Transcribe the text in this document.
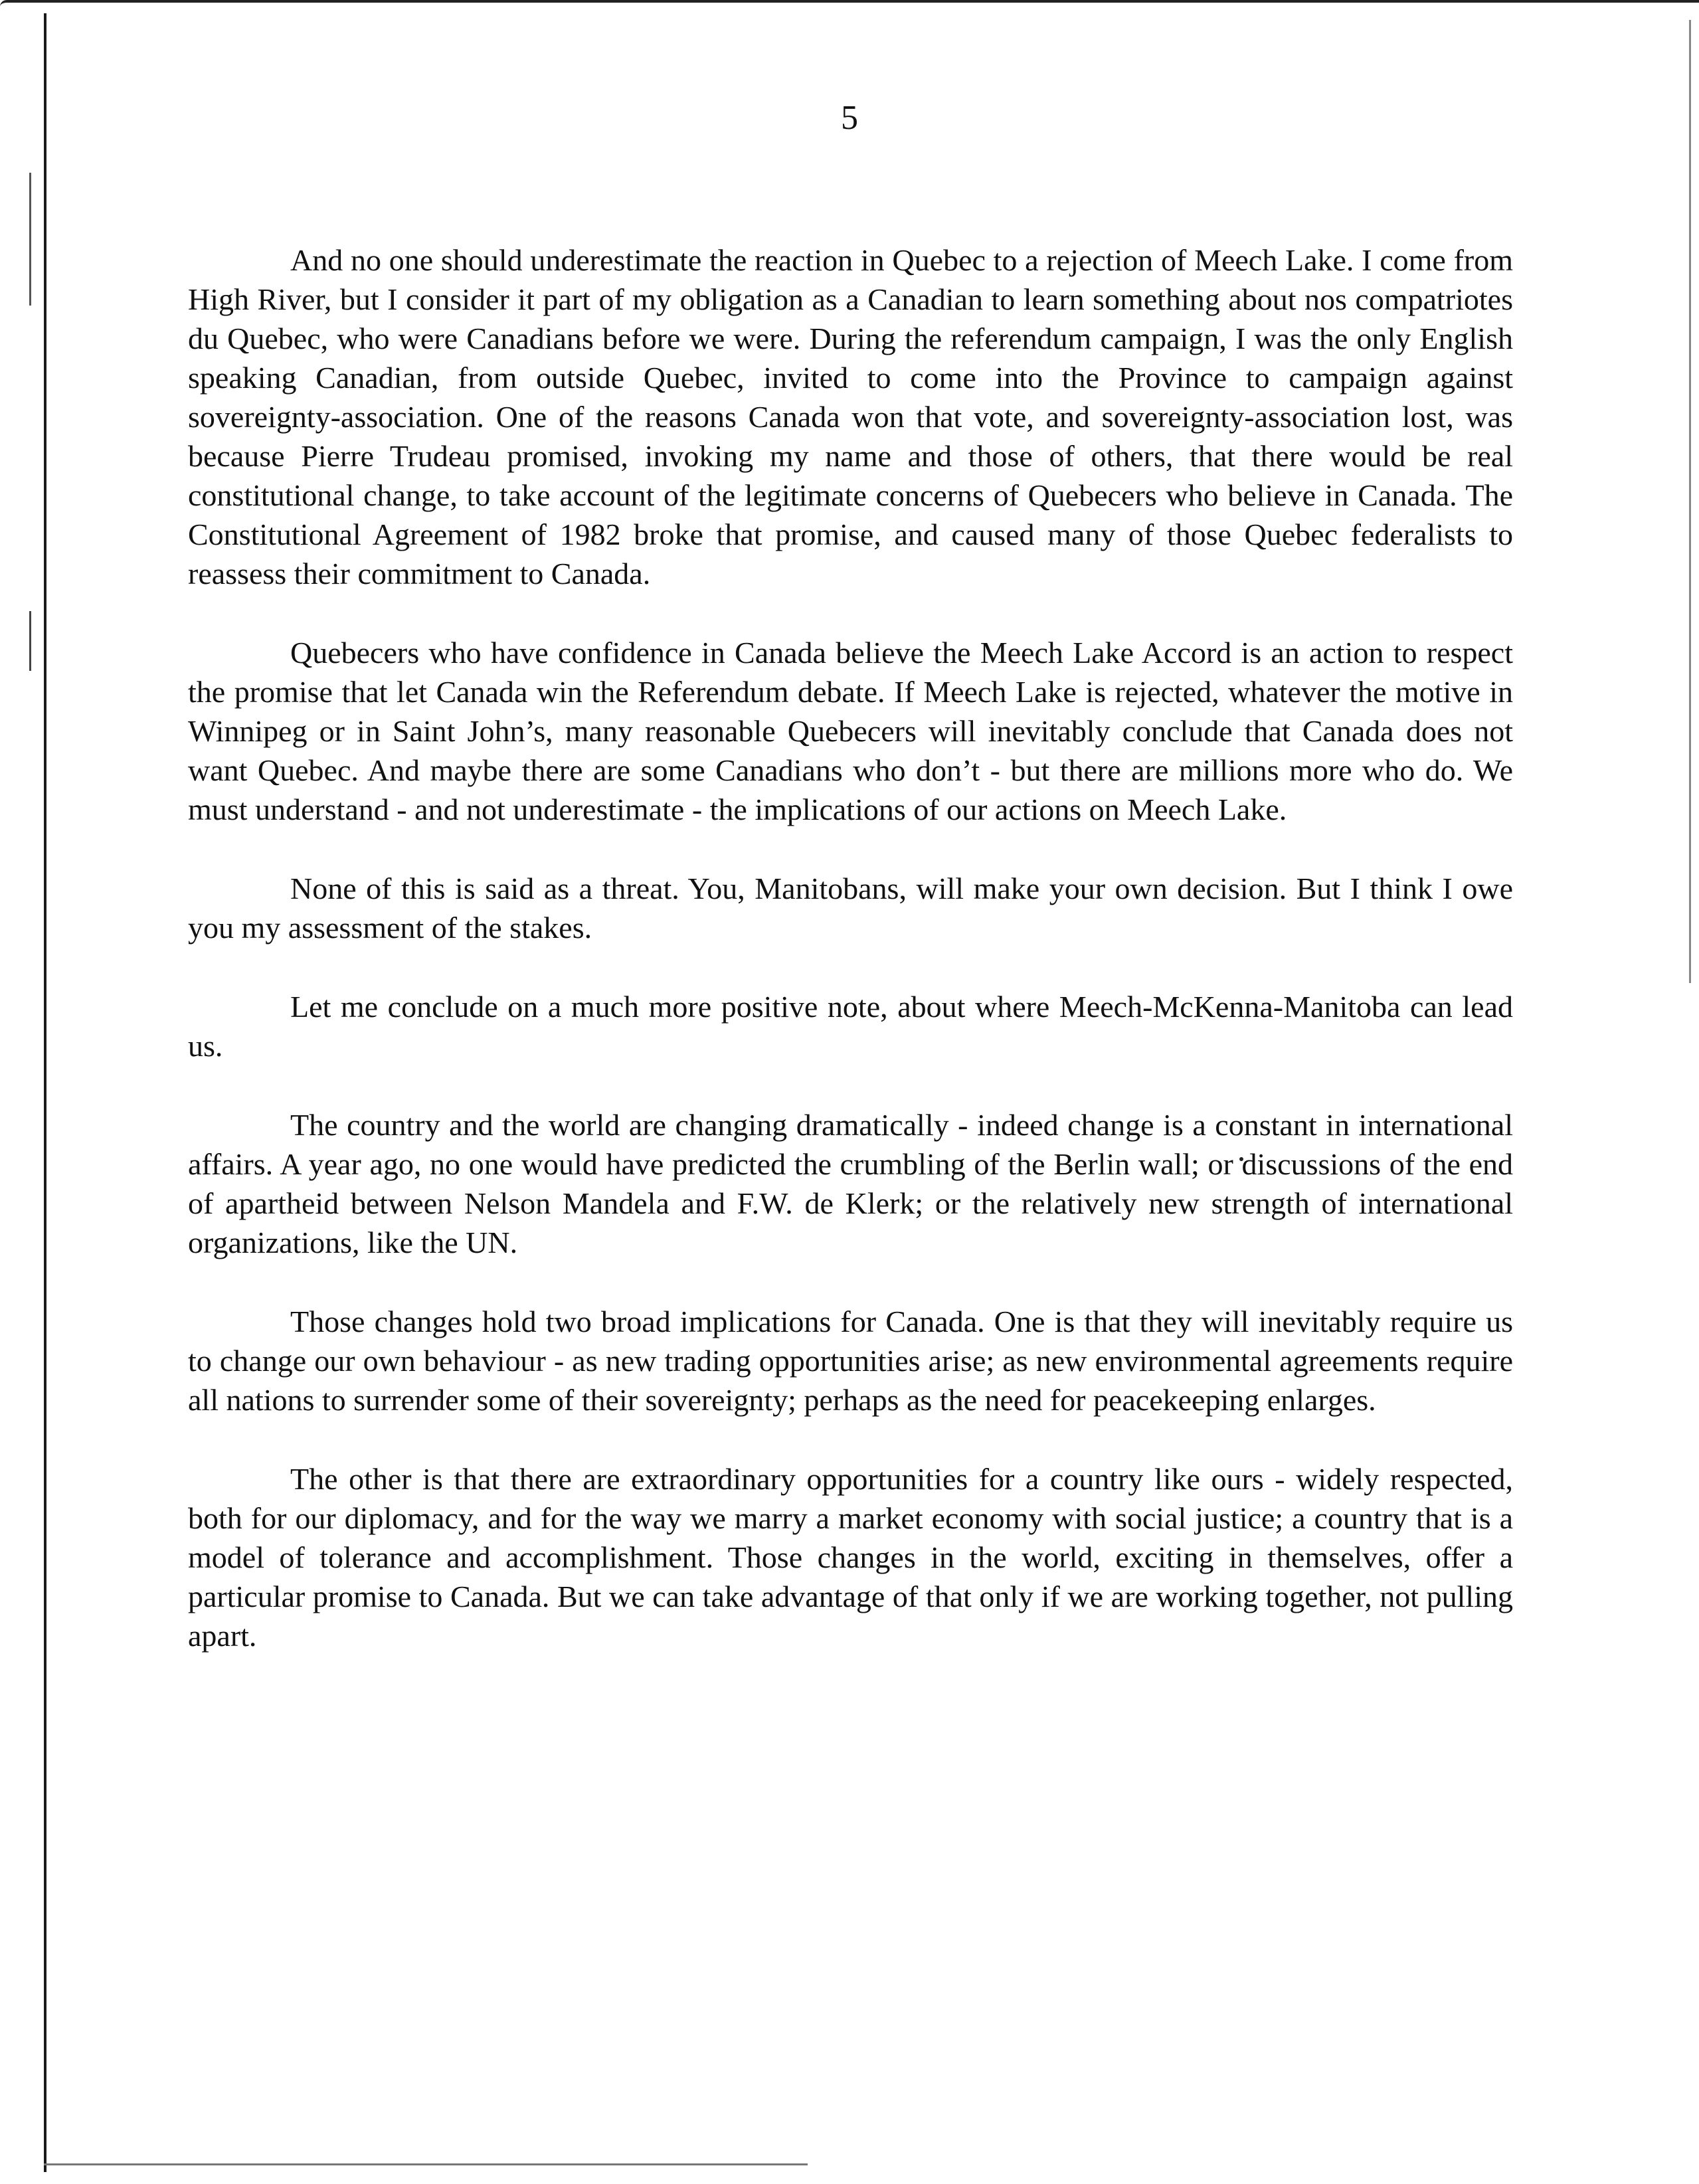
5

And no one should underestimate the reaction in Quebec to a rejection of Meech Lake. I come from High River, but I consider it part of my obligation as a Canadian to learn something about nos compatriotes du Quebec, who were Canadians before we were. During the referendum campaign, I was the only English speaking Canadian, from outside Quebec, invited to come into the Province to campaign against sovereignty-association. One of the reasons Canada won that vote, and sovereignty-association lost, was because Pierre Trudeau promised, invoking my name and those of others, that there would be real constitutional change, to take account of the legitimate concerns of Quebecers who believe in Canada. The Constitutional Agreement of 1982 broke that promise, and caused many of those Quebec federalists to reassess their commitment to Canada.

Quebecers who have confidence in Canada believe the Meech Lake Accord is an action to respect the promise that let Canada win the Referendum debate. If Meech Lake is rejected, whatever the motive in Winnipeg or in Saint John’s, many reasonable Quebecers will inevitably conclude that Canada does not want Quebec. And maybe there are some Canadians who don’t - but there are millions more who do. We must understand - and not underestimate - the implications of our actions on Meech Lake.

None of this is said as a threat. You, Manitobans, will make your own decision. But I think I owe you my assessment of the stakes.

Let me conclude on a much more positive note, about where Meech-McKenna-Manitoba can lead us.

The country and the world are changing dramatically - indeed change is a constant in international affairs. A year ago, no one would have predicted the crumbling of the Berlin wall; or discussions of the end of apartheid between Nelson Mandela and F.W. de Klerk; or the relatively new strength of international organizations, like the UN.

Those changes hold two broad implications for Canada. One is that they will inevitably require us to change our own behaviour - as new trading opportunities arise; as new environmental agreements require all nations to surrender some of their sovereignty; perhaps as the need for peacekeeping enlarges.

The other is that there are extraordinary opportunities for a country like ours - widely respected, both for our diplomacy, and for the way we marry a market economy with social justice; a country that is a model of tolerance and accomplishment. Those changes in the world, exciting in themselves, offer a particular promise to Canada. But we can take advantage of that only if we are working together, not pulling apart.
